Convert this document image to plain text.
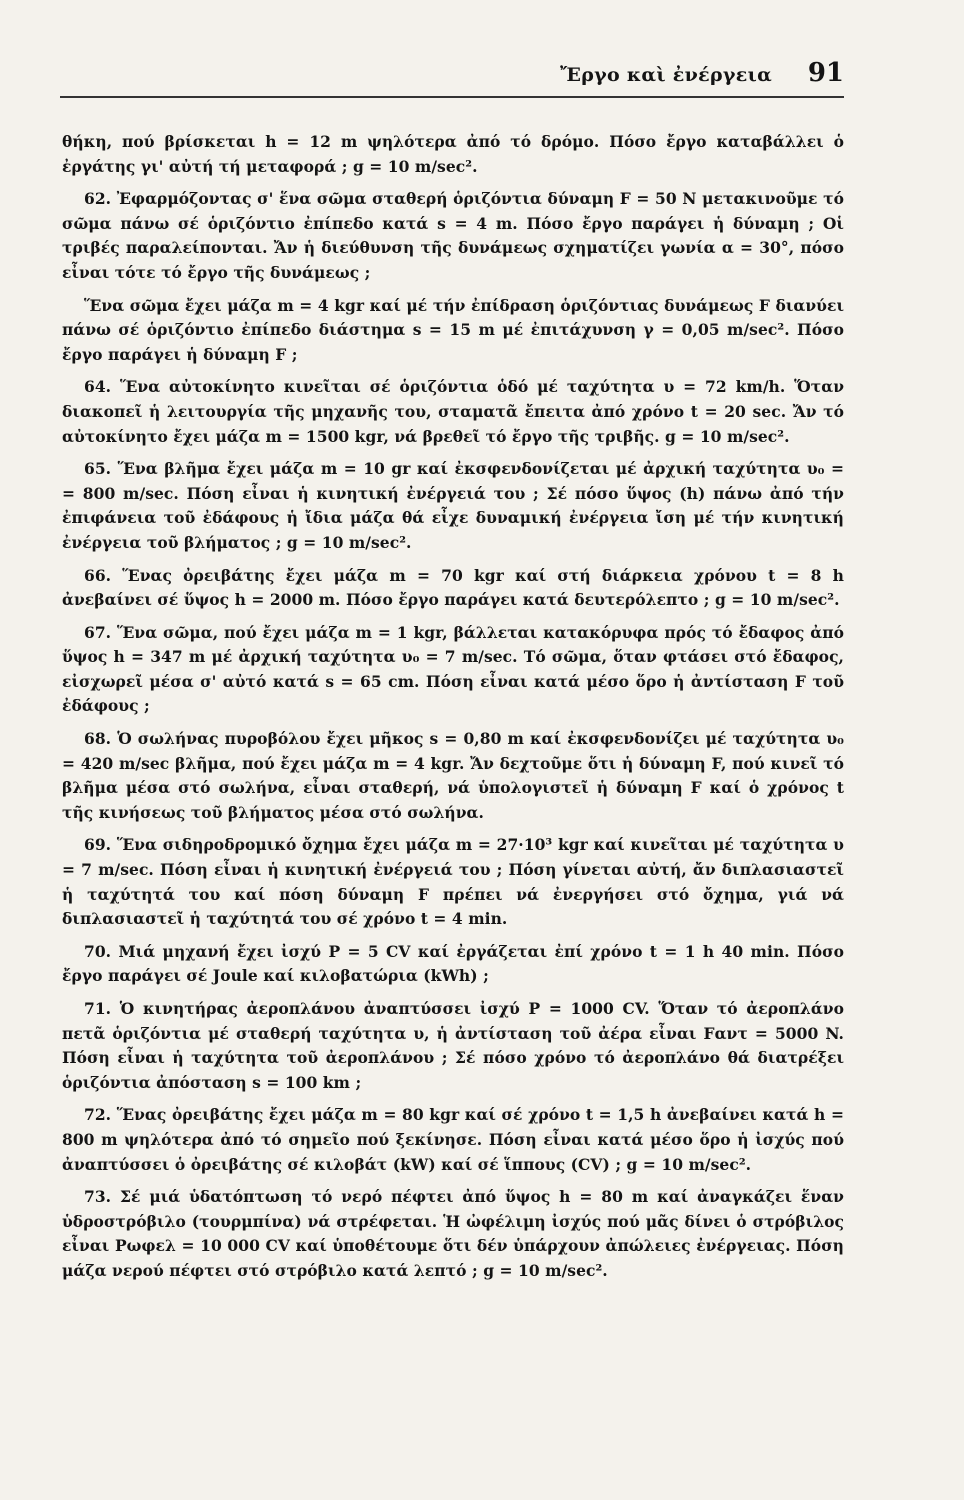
Ἔργο καὶ ἐνέργεια 91

θήκη, πού βρίσκεται h = 12 m ψηλότερα ἀπό τό δρόμο. Πόσο ἔργο καταβάλλει ὁ ἐργάτης γι' αὐτή τή μεταφορά ; g = 10 m/sec².

62. Ἐφαρμόζοντας σ' ἕνα σῶμα σταθερή ὁριζόντια δύναμη F = 50 N μετακινοῦμε τό σῶμα πάνω σέ ὁριζόντιο ἐπίπεδο κατά s = 4 m. Πόσο ἔργο παράγει ἡ δύναμη ; Οἱ τριβές παραλείπονται. Ἄν ἡ διεύθυνση τῆς δυνάμεως σχηματίζει γωνία α = 30°, πόσο εἶναι τότε τό ἔργο τῆς δυνάμεως ;

Ἕνα σῶμα ἔχει μάζα m = 4 kgr καί μέ τήν ἐπίδραση ὁριζόντιας δυνάμεως F διανύει πάνω σέ ὁριζόντιο ἐπίπεδο διάστημα s = 15 m μέ ἐπιτάχυνση γ = 0,05 m/sec². Πόσο ἔργο παράγει ἡ δύναμη F ;

64. Ἕνα αὐτοκίνητο κινεῖται σέ ὁριζόντια ὁδό μέ ταχύτητα υ = 72 km/h. Ὅταν διακοπεῖ ἡ λειτουργία τῆς μηχανῆς του, σταματᾶ ἔπειτα ἀπό χρόνο t = 20 sec. Ἄν τό αὐτοκίνητο ἔχει μάζα m = 1500 kgr, νά βρεθεῖ τό ἔργο τῆς τριβῆς. g = 10 m/sec².

65. Ἕνα βλῆμα ἔχει μάζα m = 10 gr καί ἐκσφενδονίζεται μέ ἀρχική ταχύτητα υ₀ = = 800 m/sec. Πόση εἶναι ἡ κινητική ἐνέργειά του ; Σέ πόσο ὕψος (h) πάνω ἀπό τήν ἐπιφάνεια τοῦ ἐδάφους ἡ ἴδια μάζα θά εἶχε δυναμική ἐνέργεια ἴση μέ τήν κινητική ἐνέργεια τοῦ βλήματος ; g = 10 m/sec².

66. Ἕνας ὀρειβάτης ἔχει μάζα m = 70 kgr καί στή διάρκεια χρόνου t = 8 h ἀνεβαίνει σέ ὕψος h = 2000 m. Πόσο ἔργο παράγει κατά δευτερόλεπτο ; g = 10 m/sec².

67. Ἕνα σῶμα, πού ἔχει μάζα m = 1 kgr, βάλλεται κατακόρυφα πρός τό ἔδαφος ἀπό ὕψος h = 347 m μέ ἀρχική ταχύτητα υ₀ = 7 m/sec. Τό σῶμα, ὅταν φτάσει στό ἔδαφος, εἰσχωρεῖ μέσα σ' αὐτό κατά s = 65 cm. Πόση εἶναι κατά μέσο ὅρο ἡ ἀντίσταση F τοῦ ἐδάφους ;

68. Ὁ σωλήνας πυροβόλου ἔχει μῆκος s = 0,80 m καί ἐκσφενδονίζει μέ ταχύτητα υ₀ = 420 m/sec βλῆμα, πού ἔχει μάζα m = 4 kgr. Ἄν δεχτοῦμε ὅτι ἡ δύναμη F, πού κινεῖ τό βλῆμα μέσα στό σωλήνα, εἶναι σταθερή, νά ὑπολογιστεῖ ἡ δύναμη F καί ὁ χρόνος t τῆς κινήσεως τοῦ βλήματος μέσα στό σωλήνα.

69. Ἕνα σιδηροδρομικό ὄχημα ἔχει μάζα m = 27·10³ kgr καί κινεῖται μέ ταχύτητα υ = 7 m/sec. Πόση εἶναι ἡ κινητική ἐνέργειά του ; Πόση γίνεται αὐτή, ἄν διπλασιαστεῖ ἡ ταχύτητά του καί πόση δύναμη F πρέπει νά ἐνεργήσει στό ὄχημα, γιά νά διπλασιαστεῖ ἡ ταχύτητά του σέ χρόνο t = 4 min.

70. Μιά μηχανή ἔχει ἰσχύ P = 5 CV καί ἐργάζεται ἐπί χρόνο t = 1 h 40 min. Πόσο ἔργο παράγει σέ Joule καί κιλοβατώρια (kWh) ;

71. Ὁ κινητήρας ἀεροπλάνου ἀναπτύσσει ἰσχύ P = 1000 CV. Ὅταν τό ἀεροπλάνο πετᾶ ὁριζόντια μέ σταθερή ταχύτητα υ, ἡ ἀντίσταση τοῦ ἀέρα εἶναι Fαντ = 5000 N. Πόση εἶναι ἡ ταχύτητα τοῦ ἀεροπλάνου ; Σέ πόσο χρόνο τό ἀεροπλάνο θά διατρέξει ὁριζόντια ἀπόσταση s = 100 km ;

72. Ἕνας ὀρειβάτης ἔχει μάζα m = 80 kgr καί σέ χρόνο t = 1,5 h ἀνεβαίνει κατά h = 800 m ψηλότερα ἀπό τό σημεῖο πού ξεκίνησε. Πόση εἶναι κατά μέσο ὅρο ἡ ἰσχύς πού ἀναπτύσσει ὁ ὀρειβάτης σέ κιλοβάτ (kW) καί σέ ἵππους (CV) ; g = 10 m/sec².

73. Σέ μιά ὑδατόπτωση τό νερό πέφτει ἀπό ὕψος h = 80 m καί ἀναγκάζει ἕναν ὑδροστρόβιλο (τουρμπίνα) νά στρέφεται. Ἡ ὠφέλιμη ἰσχύς πού μᾶς δίνει ὁ στρόβιλος εἶναι Pωφελ = 10 000 CV καί ὑποθέτουμε ὅτι δέν ὑπάρχουν ἀπώλειες ἐνέργειας. Πόση μάζα νερού πέφτει στό στρόβιλο κατά λεπτό ; g = 10 m/sec².
